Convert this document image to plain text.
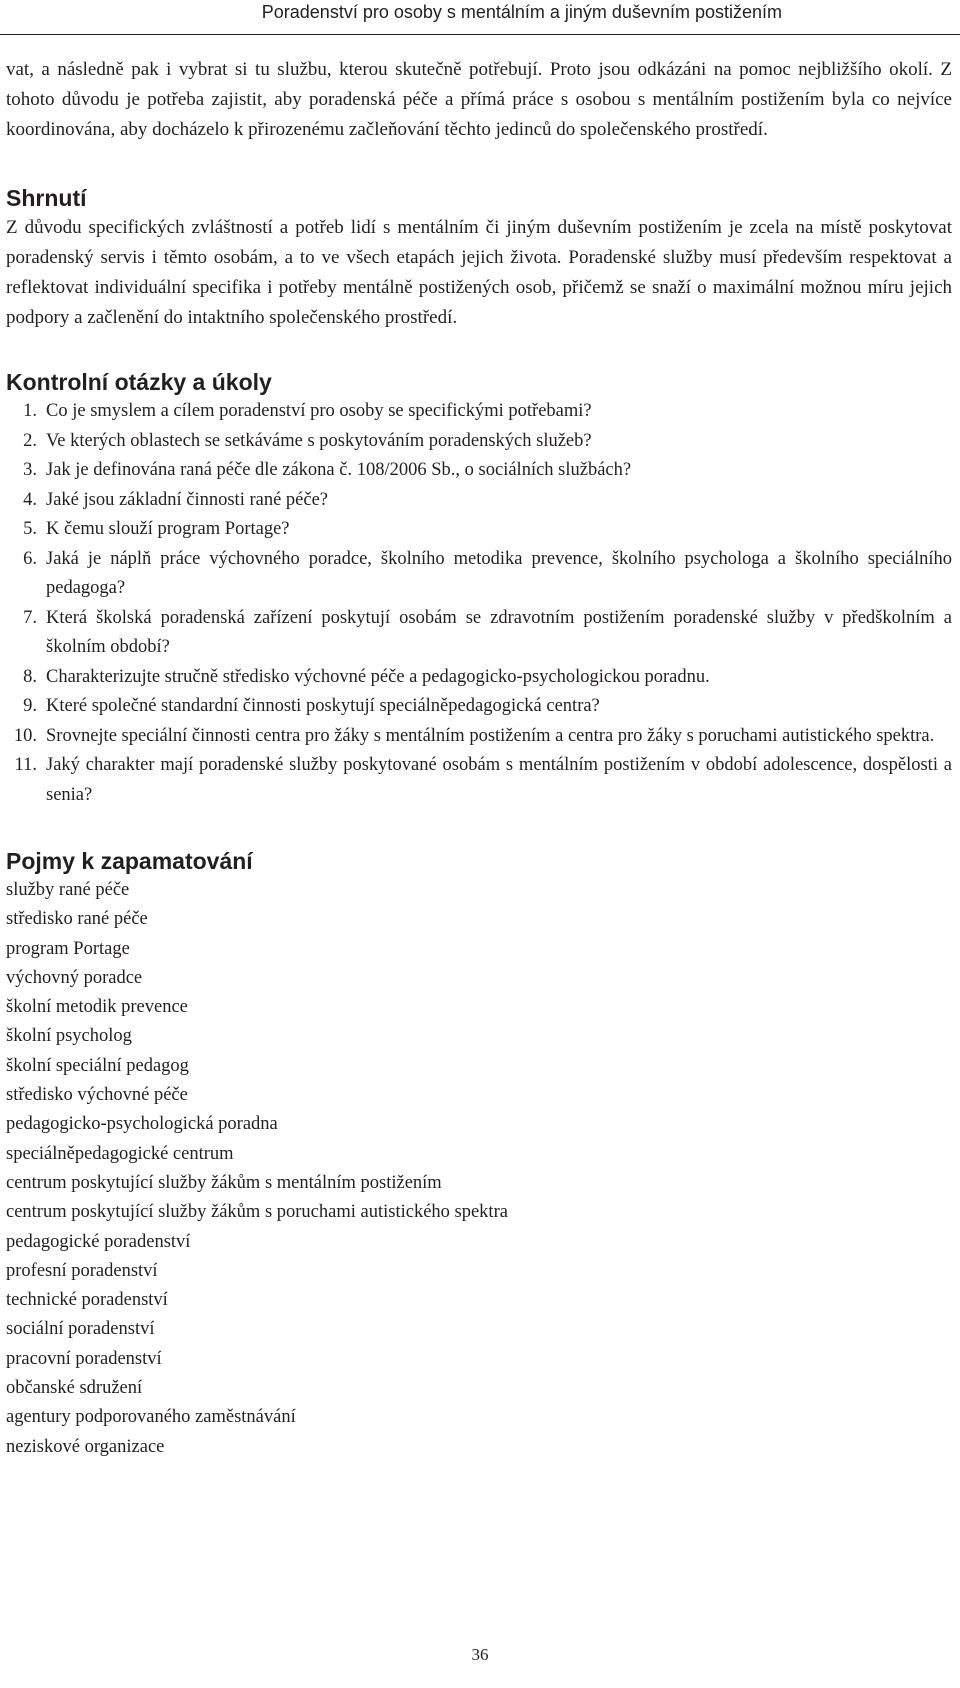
Poradenství pro osoby s mentálním a jiným duševním postižením

vat, a následně pak i vybrat si tu službu, kterou skutečně potřebují. Proto jsou odkázáni na pomoc nejbližšího okolí. Z tohoto důvodu je potřeba zajistit, aby poradenská péče a přímá práce s osobou s mentálním postižením byla co nejvíce koordinována, aby docházelo k přirozenému začleňování těchto jedinců do společenského prostředí.

Shrnutí

Z důvodu specifických zvláštností a potřeb lidí s mentálním či jiným duševním postižením je zcela na místě poskytovat poradenský servis i těmto osobám, a to ve všech etapách jejich života. Poradenské služby musí především respektovat a reflektovat individuální specifika i potřeby mentálně postižených osob, přičemž se snaží o maximální možnou míru jejich podpory a začlenění do intaktního společenského prostředí.

Kontrolní otázky a úkoly
1. Co je smyslem a cílem poradenství pro osoby se specifickými potřebami?
2. Ve kterých oblastech se setkáváme s poskytováním poradenských služeb?
3. Jak je definována raná péče dle zákona č. 108/2006 Sb., o sociálních službách?
4. Jaké jsou základní činnosti rané péče?
5. K čemu slouží program Portage?
6. Jaká je náplň práce výchovného poradce, školního metodika prevence, školního psychologa a školního speciálního pedagoga?
7. Která školská poradenská zařízení poskytují osobám se zdravotním postižením poradenské služby v předškolním a školním období?
8. Charakterizujte stručně středisko výchovné péče a pedagogicko-psychologickou poradnu.
9. Které společné standardní činnosti poskytují speciálněpedagogická centra?
10. Srovnejte speciální činnosti centra pro žáky s mentálním postižením a centra pro žáky s poruchami autistického spektra.
11. Jaký charakter mají poradenské služby poskytované osobám s mentálním postižením v období adolescence, dospělosti a senia?
Pojmy k zapamatování
služby rané péče
středisko rané péče
program Portage
výchovný poradce
školní metodik prevence
školní psycholog
školní speciální pedagog
středisko výchovné péče
pedagogicko-psychologická poradna
speciálněpedagogické centrum
centrum poskytující služby žákům s mentálním postižením
centrum poskytující služby žákům s poruchami autistického spektra
pedagogické poradenství
profesní poradenství
technické poradenství
sociální poradenství
pracovní poradenství
občanské sdružení
agentury podporovaného zaměstnávání
neziskové organizace
36
